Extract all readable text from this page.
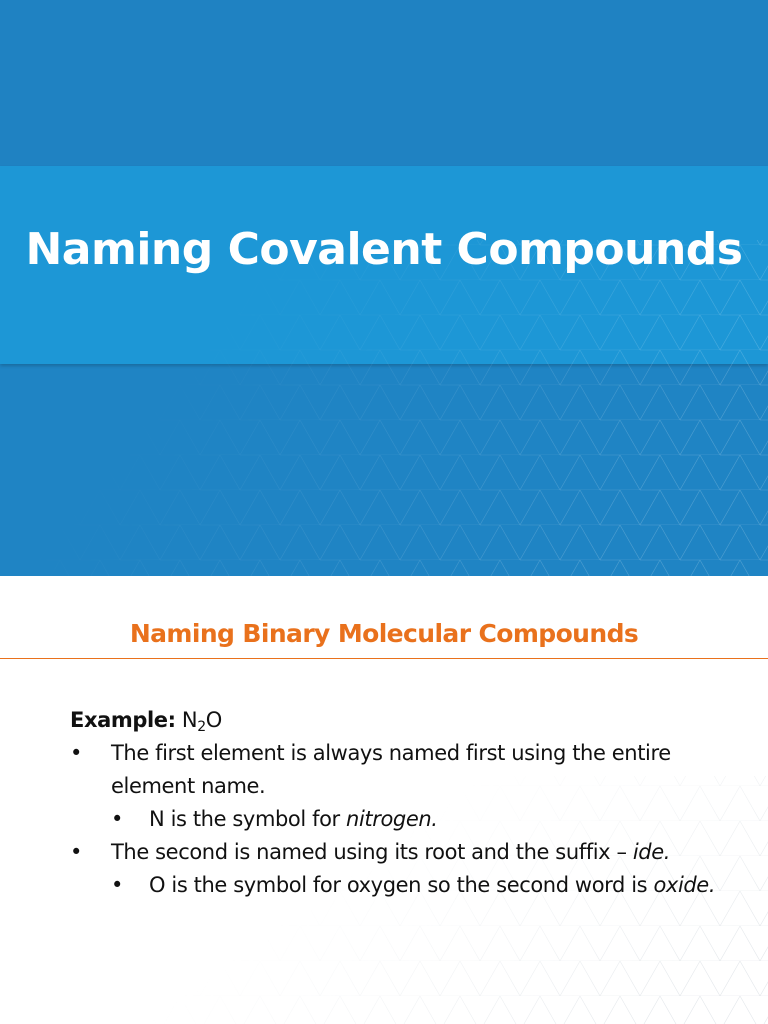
Naming Covalent Compounds
Naming Binary Molecular Compounds

Example: $N_2O$

• The first element is always named first using the entire element name.

• N is the symbol for nitrogen.

• The second is named using its root and the suffix – ide.

• O is the symbol for oxygen so the second word is oxide.
